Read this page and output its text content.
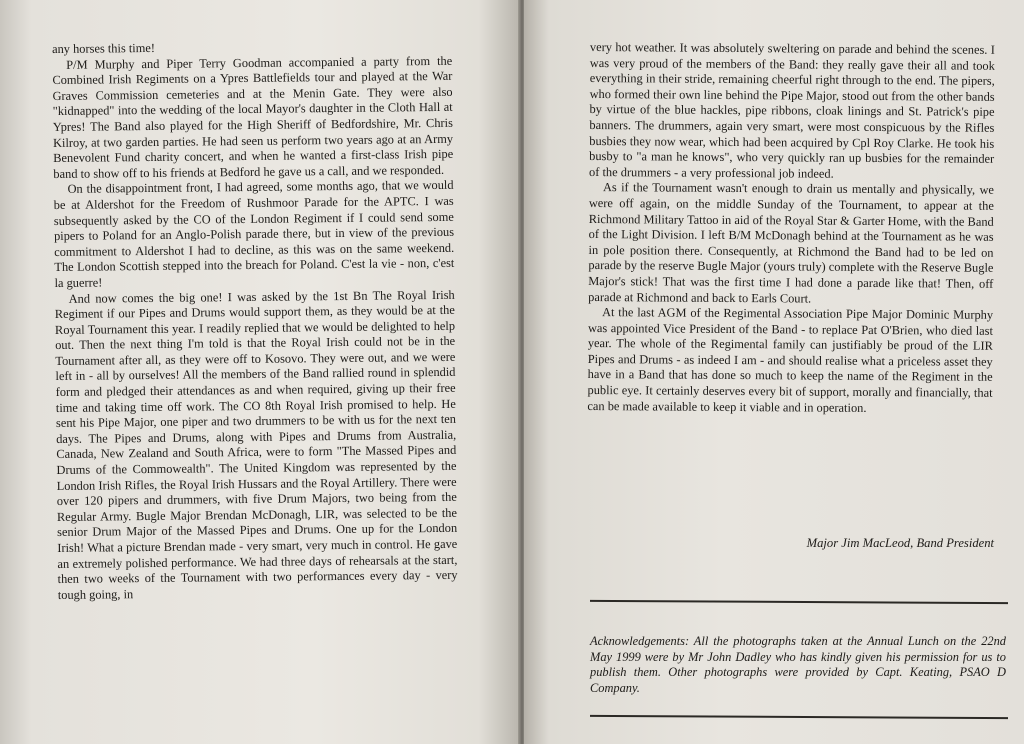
any horses this time!

P/M Murphy and Piper Terry Goodman accompanied a party from the Combined Irish Regiments on a Ypres Battlefields tour and played at the War Graves Commission cemeteries and at the Menin Gate. They were also "kidnapped" into the wedding of the local Mayor's daughter in the Cloth Hall at Ypres! The Band also played for the High Sheriff of Bedfordshire, Mr. Chris Kilroy, at two garden parties. He had seen us perform two years ago at an Army Benevolent Fund charity concert, and when he wanted a first-class Irish pipe band to show off to his friends at Bedford he gave us a call, and we responded.

On the disappointment front, I had agreed, some months ago, that we would be at Aldershot for the Freedom of Rushmoor Parade for the APTC. I was subsequently asked by the CO of the London Regiment if I could send some pipers to Poland for an Anglo-Polish parade there, but in view of the previous commitment to Aldershot I had to decline, as this was on the same weekend. The London Scottish stepped into the breach for Poland. C'est la vie - non, c'est la guerre!

And now comes the big one! I was asked by the 1st Bn The Royal Irish Regiment if our Pipes and Drums would support them, as they would be at the Royal Tournament this year. I readily replied that we would be delighted to help out. Then the next thing I'm told is that the Royal Irish could not be in the Tournament after all, as they were off to Kosovo. They were out, and we were left in - all by ourselves! All the members of the Band rallied round in splendid form and pledged their attendances as and when required, giving up their free time and taking time off work. The CO 8th Royal Irish promised to help. He sent his Pipe Major, one piper and two drummers to be with us for the next ten days. The Pipes and Drums, along with Pipes and Drums from Australia, Canada, New Zealand and South Africa, were to form "The Massed Pipes and Drums of the Commowealth". The United Kingdom was represented by the London Irish Rifles, the Royal Irish Hussars and the Royal Artillery. There were over 120 pipers and drummers, with five Drum Majors, two being from the Regular Army. Bugle Major Brendan McDonagh, LIR, was selected to be the senior Drum Major of the Massed Pipes and Drums. One up for the London Irish! What a picture Brendan made - very smart, very much in control. He gave an extremely polished performance. We had three days of rehearsals at the start, then two weeks of the Tournament with two performances every day - very tough going, in

very hot weather. It was absolutely sweltering on parade and behind the scenes. I was very proud of the members of the Band: they really gave their all and took everything in their stride, remaining cheerful right through to the end. The pipers, who formed their own line behind the Pipe Major, stood out from the other bands by virtue of the blue hackles, pipe ribbons, cloak linings and St. Patrick's pipe banners. The drummers, again very smart, were most conspicuous by the Rifles busbies they now wear, which had been acquired by Cpl Roy Clarke. He took his busby to "a man he knows", who very quickly ran up busbies for the remainder of the drummers - a very professional job indeed.

As if the Tournament wasn't enough to drain us mentally and physically, we were off again, on the middle Sunday of the Tournament, to appear at the Richmond Military Tattoo in aid of the Royal Star & Garter Home, with the Band of the Light Division. I left B/M McDonagh behind at the Tournament as he was in pole position there. Consequently, at Richmond the Band had to be led on parade by the reserve Bugle Major (yours truly) complete with the Reserve Bugle Major's stick! That was the first time I had done a parade like that! Then, off parade at Richmond and back to Earls Court.

At the last AGM of the Regimental Association Pipe Major Dominic Murphy was appointed Vice President of the Band - to replace Pat O'Brien, who died last year. The whole of the Regimental family can justifiably be proud of the LIR Pipes and Drums - as indeed I am - and should realise what a priceless asset they have in a Band that has done so much to keep the name of the Regiment in the public eye. It certainly deserves every bit of support, morally and financially, that can be made available to keep it viable and in operation.

Major Jim MacLeod, Band President
Acknowledgements: All the photographs taken at the Annual Lunch on the 22nd May 1999 were by Mr John Dadley who has kindly given his permission for us to publish them. Other photographs were provided by Capt. Keating, PSAO D Company.
